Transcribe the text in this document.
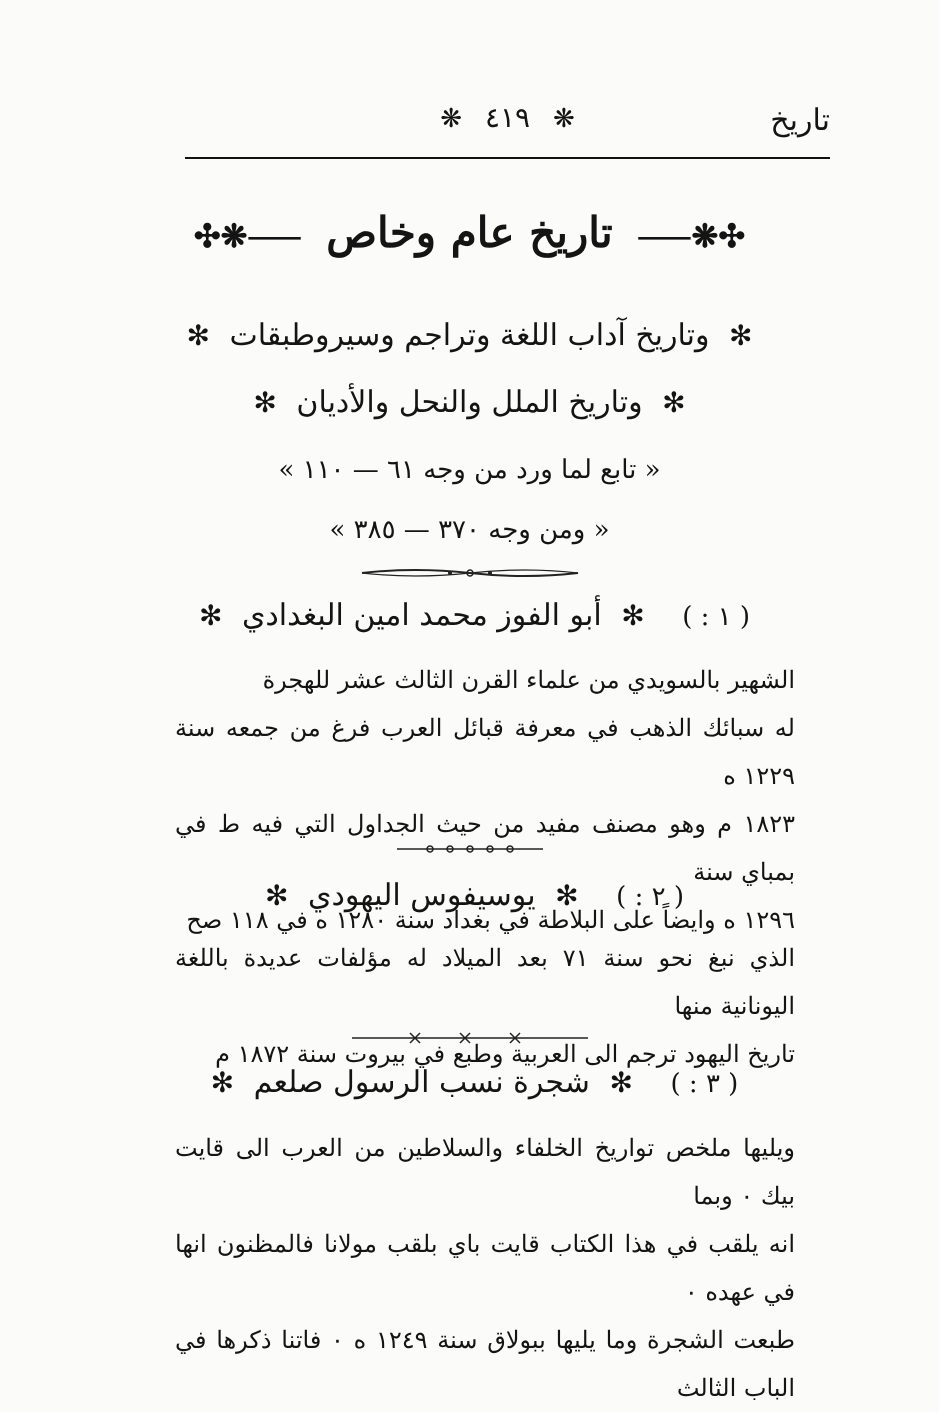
تاريخ
❋ ٤١٩ ❋
✣❋⸺ تاريخ عام وخاص ⸺❋✣
✻ وتاريخ آداب اللغة وتراجم وسيروطبقات ✻
✻ وتاريخ الملل والنحل والأديان ✻
« تابع لما ورد من وجه ٦١ — ١١٠ »
« ومن وجه ٣٧٠ — ٣٨٥ »
( ١ : ) ✻ أبو الفوز محمد امين البغدادي ✻

الشهير بالسويدي من علماء القرن الثالث عشر للهجرة

له سبائك الذهب في معرفة قبائل العرب فرغ من جمعه سنة ١٢٢٩ ه

١٨٢٣ م وهو مصنف مفيد من حيث الجداول التي فيه ط في بمباي سنة

١٢٩٦ ه وايضاً على البلاطة في بغداد سنة ١٢٨٠ ه في ١١٨ صح

( ٢ : ) ✻ يوسيفوس اليهودي ✻

الذي نبغ نحو سنة ٧١ بعد الميلاد له مؤلفات عديدة باللغة اليونانية منها

تاريخ اليهود ترجم الى العربية وطبع في بيروت سنة ١٨٧٢ م

( ٣ : ) ✻ شجرة نسب الرسول صلعم ✻

ويليها ملخص تواريخ الخلفاء والسلاطين من العرب الى قايت بيك ۰ وبما

انه يلقب في هذا الكتاب قايت باي بلقب مولانا فالمظنون انها في عهده ۰

طبعت الشجرة وما يليها ببولاق سنة ١٢٤٩ ه ۰ فاتنا ذكرها في الباب الثالث
